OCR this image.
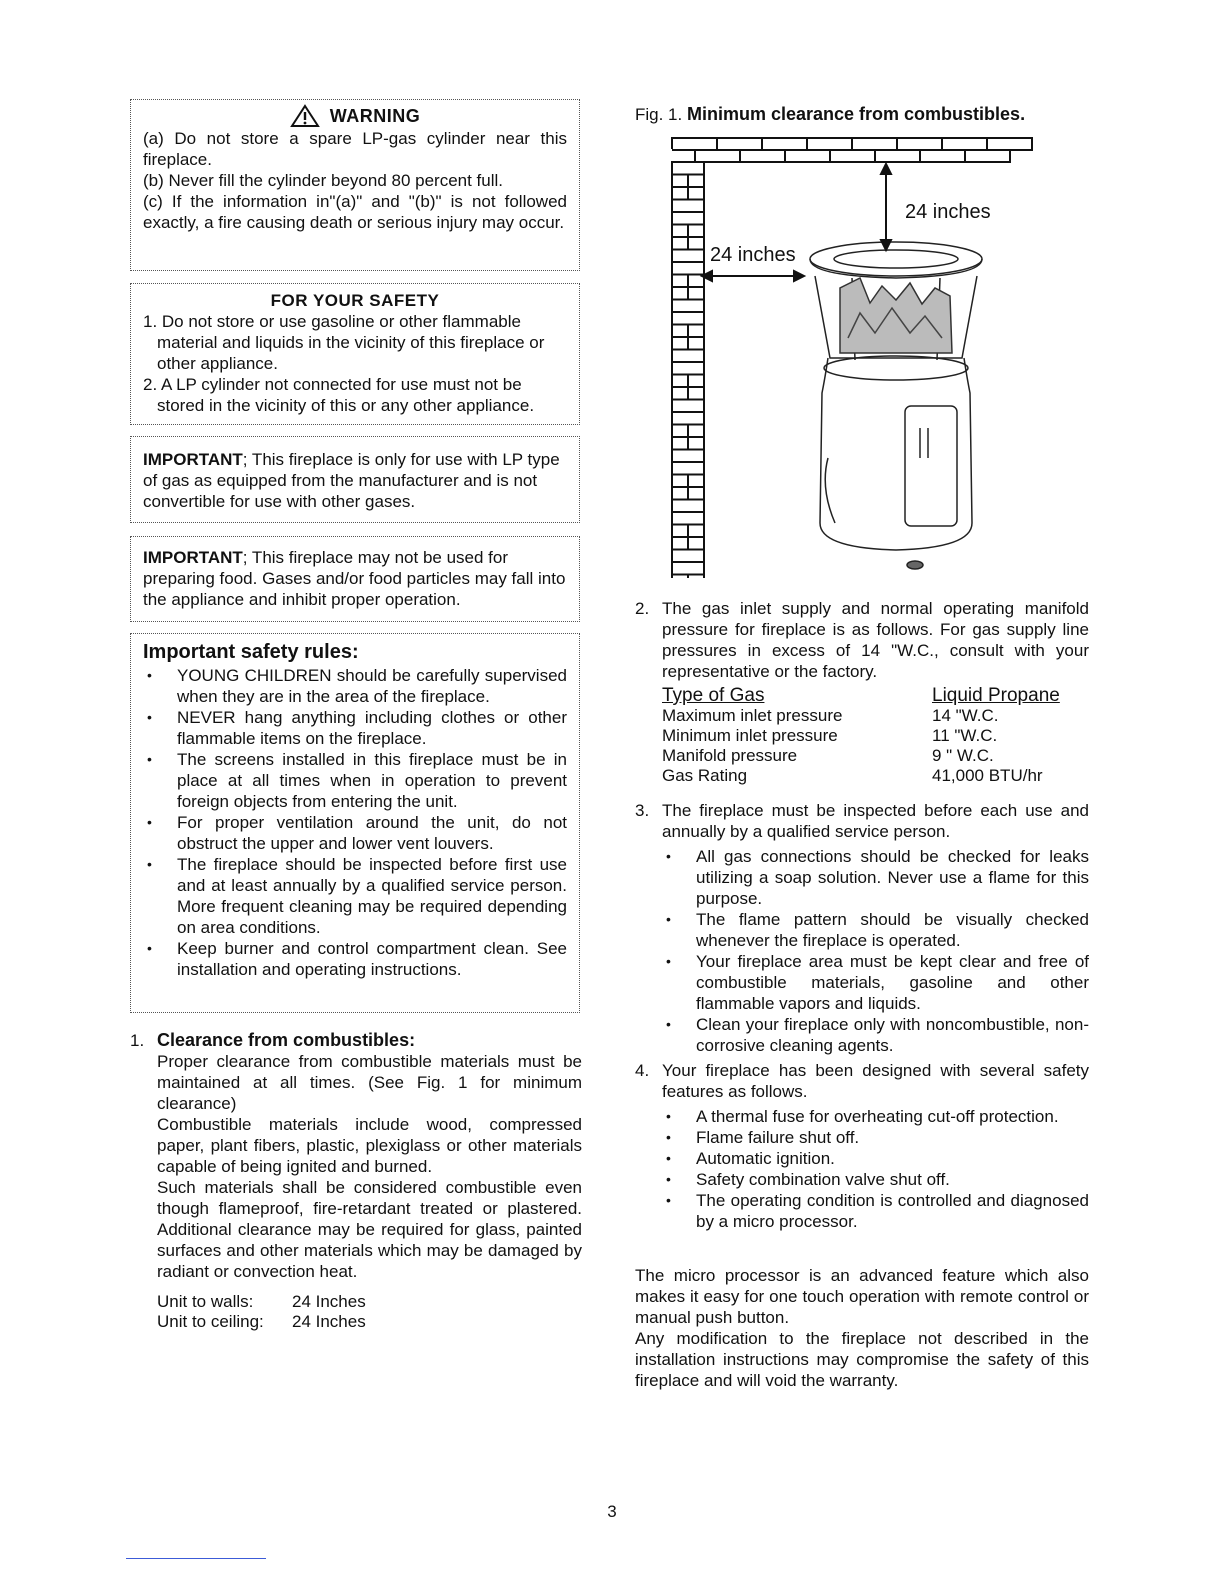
WARNING
(a) Do not store a spare LP-gas cylinder near this fireplace.
(b) Never fill the cylinder beyond 80 percent full.
(c) If the information in"(a)" and "(b)" is not followed exactly, a fire causing death or serious injury may occur.
FOR YOUR SAFETY
1. Do not store or use gasoline or other flammable material and liquids in the vicinity of this fireplace or other appliance.
2. A LP cylinder not connected for use must not be stored in the vicinity of this or any other appliance.
IMPORTANT; This fireplace is only for use with LP type of gas as equipped from the manufacturer and is not convertible for use with other gases.
IMPORTANT; This fireplace may not be used for preparing food. Gases and/or food particles may fall into the appliance and inhibit proper operation.
Important safety rules:
• YOUNG CHILDREN should be carefully supervised when they are in the area of the fireplace.
• NEVER hang anything including clothes or other flammable items on the fireplace.
• The screens installed in this fireplace must be in place at all times when in operation to prevent foreign objects from entering the unit.
• For proper ventilation around the unit, do not obstruct the upper and lower vent louvers.
• The fireplace should be inspected before first use and at least annually by a qualified service person. More frequent cleaning may be required depending on area conditions.
• Keep burner and control compartment clean. See installation and operating instructions.
1. Clearance from combustibles:
Proper clearance from combustible materials must be maintained at all times. (See Fig. 1 for minimum clearance)
Combustible materials include wood, compressed paper, plant fibers, plastic, plexiglass or other materials capable of being ignited and burned.
Such materials shall be considered combustible even though flameproof, fire-retardant treated or plastered. Additional clearance may be required for glass, painted surfaces and other materials which may be damaged by radiant or convection heat.
Unit to walls:	24 Inches
Unit to ceiling:	24 Inches
Fig. 1. Minimum clearance from combustibles.
24 inches
24 inches
2. The gas inlet supply and normal operating manifold pressure for fireplace is as follows. For gas supply line pressures in excess of 14 "W.C., consult with your representative or the factory.
Type of Gas	Liquid Propane
Maximum inlet pressure	14 "W.C.
Minimum inlet pressure	11 "W.C.
Manifold pressure	9 " W.C.
Gas Rating	41,000 BTU/hr
3. The fireplace must be inspected before each use and annually by a qualified service person.
• All gas connections should be checked for leaks utilizing a soap solution. Never use a flame for this purpose.
• The flame pattern should be visually checked whenever the fireplace is operated.
• Your fireplace area must be kept clear and free of combustible materials, gasoline and other flammable vapors and liquids.
• Clean your fireplace only with noncombustible, non-corrosive cleaning agents.
4. Your fireplace has been designed with several safety features as follows.
• A thermal fuse for overheating cut-off protection.
• Flame failure shut off.
• Automatic ignition.
• Safety combination valve shut off.
• The operating condition is controlled and diagnosed by a micro processor.
The micro processor is an advanced feature which also makes it easy for one touch operation with remote control or manual push button.
Any modification to the fireplace not described in the installation instructions may compromise the safety of this fireplace and will void the warranty.
3
